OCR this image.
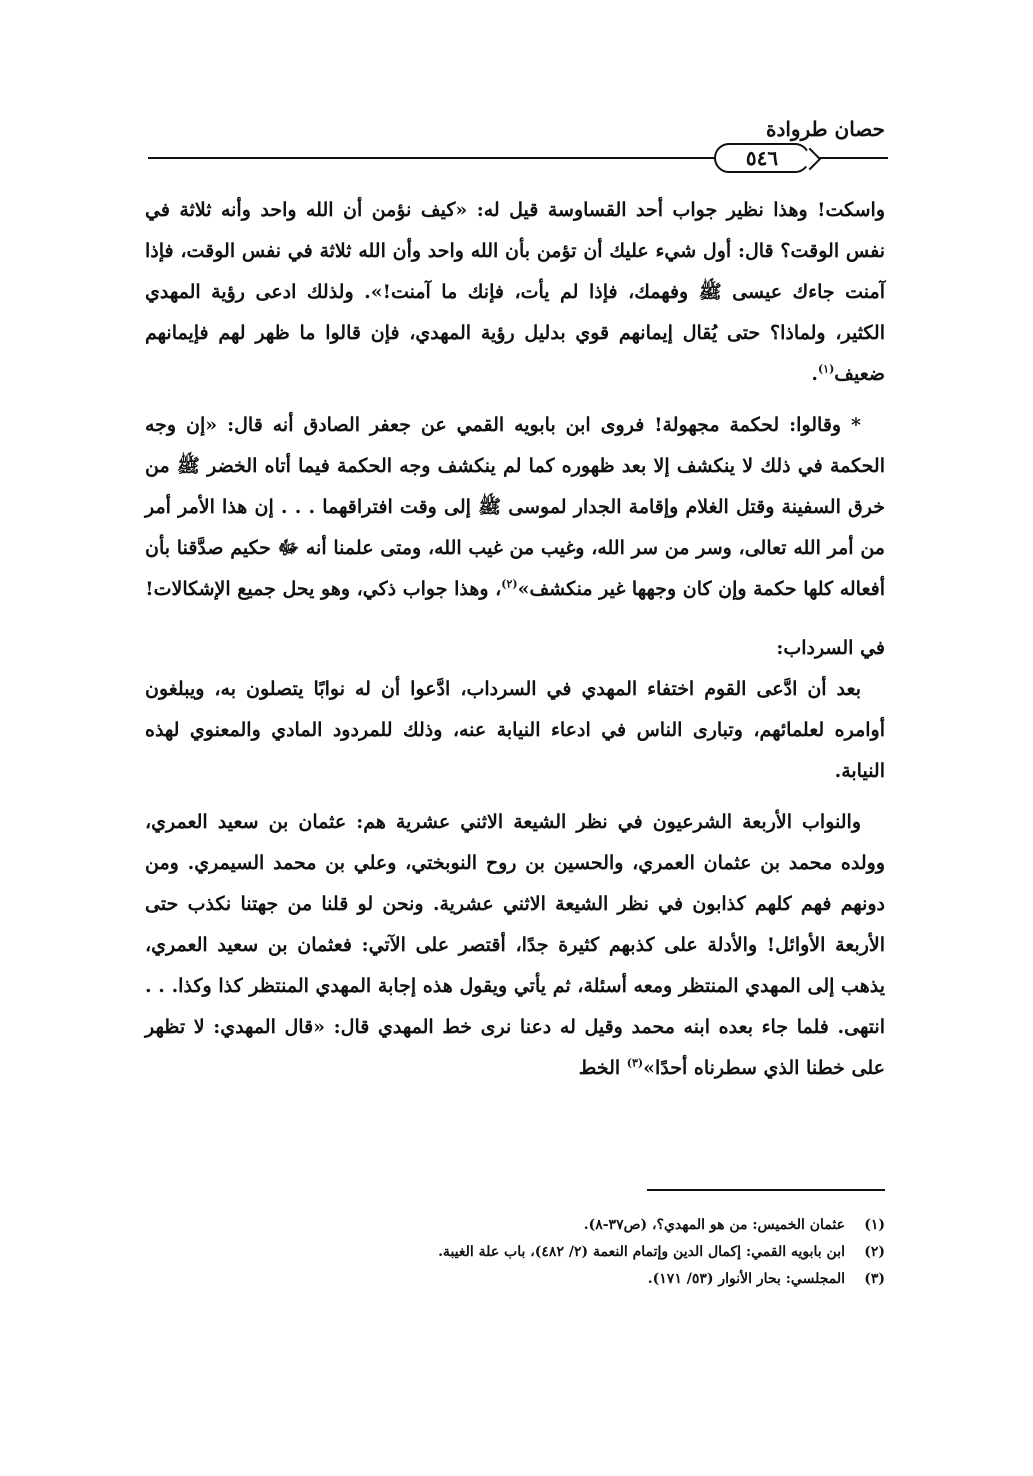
حصان طروادة
٥٤٦

واسكت! وهذا نظير جواب أحد القساوسة قيل له: «كيف نؤمن أن الله واحد وأنه ثلاثة في نفس الوقت؟ قال: أول شيء عليك أن تؤمن بأن الله واحد وأن الله ثلاثة في نفس الوقت، فإذا آمنت جاءك عيسى ﷺ وفهمك، فإذا لم يأت، فإنك ما آمنت!». ولذلك ادعى رؤية المهدي الكثير، ولماذا؟ حتى يُقال إيمانهم قوي بدليل رؤية المهدي، فإن قالوا ما ظهر لهم فإيمانهم ضعيف$^{(١)}$.

* وقالوا: لحكمة مجهولة! فروى ابن بابويه القمي عن جعفر الصادق أنه قال: «إن وجه الحكمة في ذلك لا ينكشف إلا بعد ظهوره كما لم ينكشف وجه الحكمة فيما أتاه الخضر ﷺ من خرق السفينة وقتل الغلام وإقامة الجدار لموسى ﷺ إلى وقت افتراقهما . . . إن هذا الأمر أمر من أمر الله تعالى، وسر من سر الله، وغيب من غيب الله، ومتى علمنا أنه ﷻ حكيم صدَّقنا بأن أفعاله كلها حكمة وإن كان وجهها غير منكشف»$^{(٢)}$، وهذا جواب ذكي، وهو يحل جميع الإشكالات!

في السرداب:

بعد أن ادَّعى القوم اختفاء المهدي في السرداب، ادَّعوا أن له نوابًا يتصلون به، ويبلغون أوامره لعلمائهم، وتبارى الناس في ادعاء النيابة عنه، وذلك للمردود المادي والمعنوي لهذه النيابة.

والنواب الأربعة الشرعيون في نظر الشيعة الاثني عشرية هم: عثمان بن سعيد العمري، وولده محمد بن عثمان العمري، والحسين بن روح النوبختي، وعلي بن محمد السيمري. ومن دونهم فهم كلهم كذابون في نظر الشيعة الاثني عشرية. ونحن لو قلنا من جهتنا نكذب حتى الأربعة الأوائل! والأدلة على كذبهم كثيرة جدًا، أقتصر على الآتي: فعثمان بن سعيد العمري، يذهب إلى المهدي المنتظر ومعه أسئلة، ثم يأتي ويقول هذه إجابة المهدي المنتظر كذا وكذا. . . انتهى. فلما جاء بعده ابنه محمد وقيل له دعنا نرى خط المهدي قال: «قال المهدي: لا تظهر على خطنا الذي سطرناه أحدًا»$^{(٣)}$ الخط

(١)
عثمان الخميس: من هو المهدي؟، (ص٣٧-٨).
(٢)
ابن بابويه القمي: إكمال الدين وإتمام النعمة (٢/ ٤٨٢)، باب علة الغيبة.
(٣)
المجلسي: بحار الأنوار (٥٣/ ١٧١).
